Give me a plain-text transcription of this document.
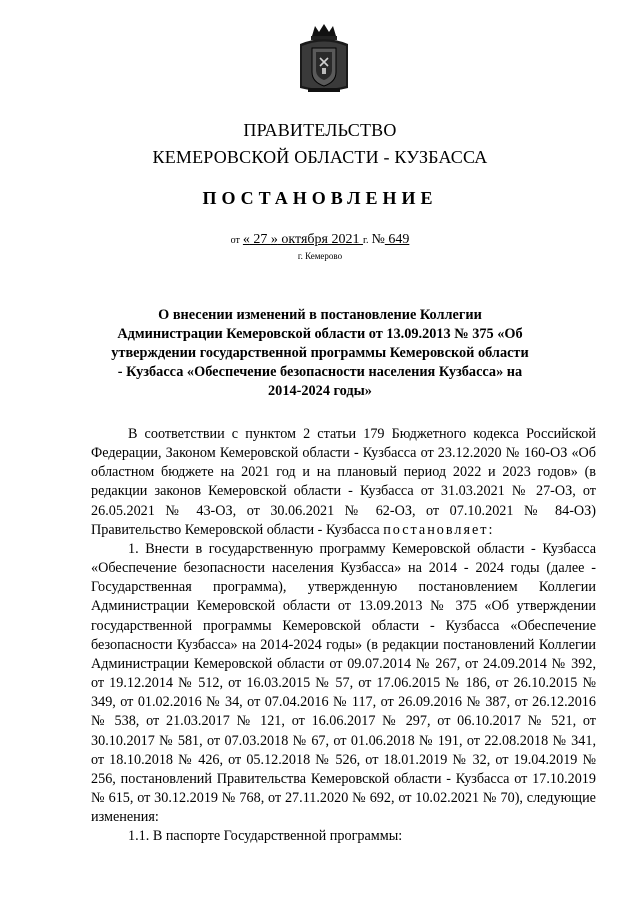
ПРАВИТЕЛЬСТВО
КЕМЕРОВСКОЙ ОБЛАСТИ - КУЗБАССА
ПОСТАНОВЛЕНИЕ
от « 27 » октября 2021 г. № 649
г. Кемерово
О внесении изменений в постановление Коллегии Администрации Кемеровской области от 13.09.2013 № 375 «Об утверждении государственной программы Кемеровской области - Кузбасса «Обеспечение безопасности населения Кузбасса» на 2014-2024 годы»

В соответствии с пунктом 2 статьи 179 Бюджетного кодекса Российской Федерации, Законом Кемеровской области - Кузбасса от 23.12.2020 № 160-ОЗ «Об областном бюджете на 2021 год и на плановый период 2022 и 2023 годов» (в редакции законов Кемеровской области - Кузбасса от 31.03.2021 № 27-ОЗ, от 26.05.2021 № 43-ОЗ, от 30.06.2021 № 62-ОЗ, от 07.10.2021 № 84-ОЗ) Правительство Кемеровской области - Кузбасса постановляет:

1. Внести в государственную программу Кемеровской области - Кузбасса «Обеспечение безопасности населения Кузбасса» на 2014 - 2024 годы (далее - Государственная программа), утвержденную постановлением Коллегии Администрации Кемеровской области от 13.09.2013 № 375 «Об утверждении государственной программы Кемеровской области - Кузбасса «Обеспечение безопасности Кузбасса» на 2014-2024 годы» (в редакции постановлений Коллегии Администрации Кемеровской области от 09.07.2014 № 267, от 24.09.2014 № 392, от 19.12.2014 № 512, от 16.03.2015 № 57, от 17.06.2015 № 186, от 26.10.2015 № 349, от 01.02.2016 № 34, от 07.04.2016 № 117, от 26.09.2016 № 387, от 26.12.2016 № 538, от 21.03.2017 № 121, от 16.06.2017 № 297, от 06.10.2017 № 521, от 30.10.2017 № 581, от 07.03.2018 № 67, от 01.06.2018 № 191, от 22.08.2018 № 341, от 18.10.2018 № 426, от 05.12.2018 № 526, от 18.01.2019 № 32, от 19.04.2019 № 256, постановлений Правительства Кемеровской области - Кузбасса от 17.10.2019 № 615, от 30.12.2019 № 768, от 27.11.2020 № 692, от 10.02.2021 № 70), следующие изменения:

1.1. В паспорте Государственной программы:
